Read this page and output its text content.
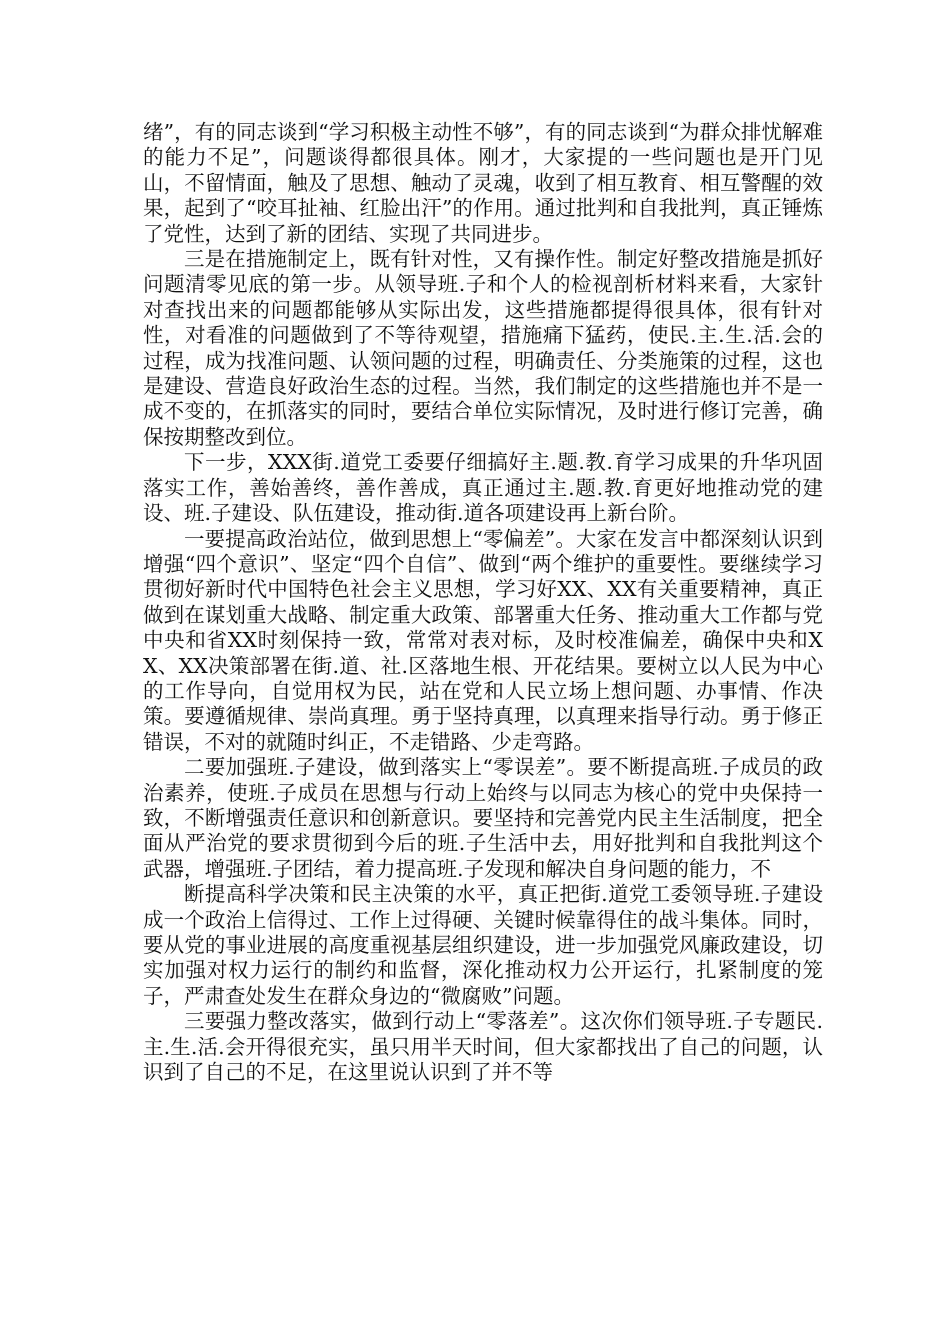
绪”，有的同志谈到“学习积极主动性不够”，有的同志谈到“为群众排忧解难的能力不足”，问题谈得都很具体。刚才，大家提的一些问题也是开门见山，不留情面，触及了思想、触动了灵魂，收到了相互教育、相互警醒的效果，起到了“咬耳扯袖、红脸出汗”的作用。通过批判和自我批判，真正锤炼了党性，达到了新的团结、实现了共同进步。

三是在措施制定上，既有针对性，又有操作性。制定好整改措施是抓好问题清零见底的第一步。从领导班.子和个人的检视剖析材料来看，大家针对查找出来的问题都能够从实际出发，这些措施都提得很具体，很有针对性，对看准的问题做到了不等待观望，措施痛下猛药，使民.主.生.活.会的过程，成为找准问题、认领问题的过程，明确责任、分类施策的过程，这也是建设、营造良好政治生态的过程。当然，我们制定的这些措施也并不是一成不变的，在抓落实的同时，要结合单位实际情况，及时进行修订完善，确保按期整改到位。

下一步，XXX街.道党工委要仔细搞好主.题.教.育学习成果的升华巩固落实工作，善始善终，善作善成，真正通过主.题.教.育更好地推动党的建设、班.子建设、队伍建设，推动街.道各项建设再上新台阶。

一要提高政治站位，做到思想上“零偏差”。大家在发言中都深刻认识到增强“四个意识”、坚定“四个自信”、做到“两个维护的重要性。要继续学习贯彻好新时代中国特色社会主义思想，学习好XX、XX有关重要精神，真正做到在谋划重大战略、制定重大政策、部署重大任务、推动重大工作都与党中央和省XX时刻保持一致，常常对表对标，及时校准偏差，确保中央和XX、XX决策部署在街.道、社.区落地生根、开花结果。要树立以人民为中心的工作导向，自觉用权为民，站在党和人民立场上想问题、办事情、作决策。要遵循规律、崇尚真理。勇于坚持真理，以真理来指导行动。勇于修正错误，不对的就随时纠正，不走错路、少走弯路。

二要加强班.子建设，做到落实上“零误差”。要不断提高班.子成员的政治素养，使班.子成员在思想与行动上始终与以同志为核心的党中央保持一致，不断增强责任意识和创新意识。要坚持和完善党内民主生活制度，把全面从严治党的要求贯彻到今后的班.子生活中去，用好批判和自我批判这个武器，增强班.子团结，着力提高班.子发现和解决自身问题的能力，不

断提高科学决策和民主决策的水平，真正把街.道党工委领导班.子建设成一个政治上信得过、工作上过得硬、关键时候靠得住的战斗集体。同时，要从党的事业进展的高度重视基层组织建设，进一步加强党风廉政建设，切实加强对权力运行的制约和监督，深化推动权力公开运行，扎紧制度的笼子，严肃查处发生在群众身边的“微腐败”问题。

三要强力整改落实，做到行动上“零落差”。这次你们领导班.子专题民.主.生.活.会开得很充实，虽只用半天时间，但大家都找出了自己的问题，认识到了自己的不足，在这里说认识到了并不等
